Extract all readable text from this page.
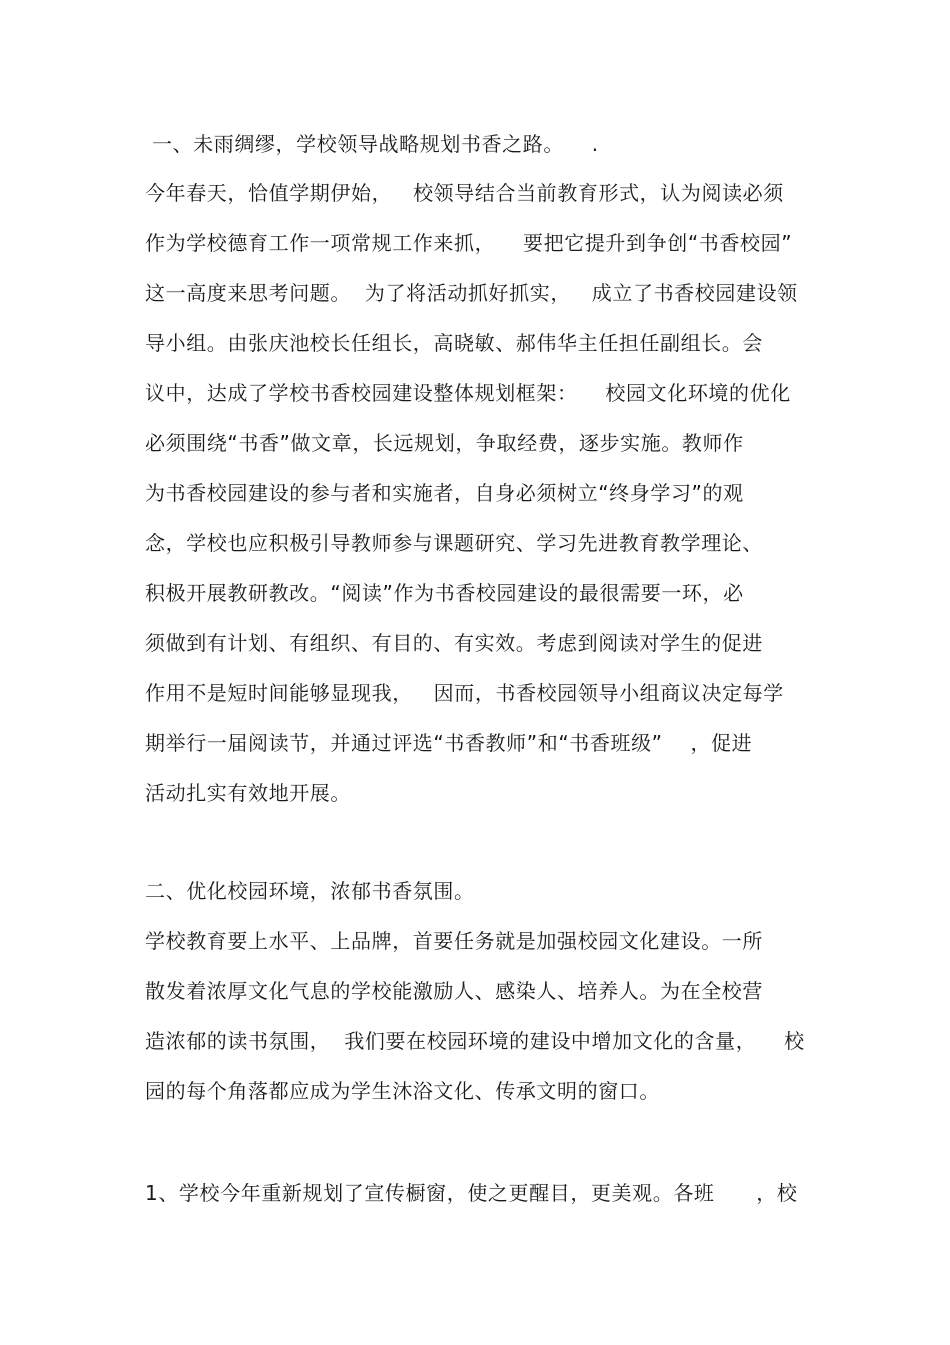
一、未雨绸缪，学校领导战略规划书香之路。    .
今年春天，恰值学期伊始，   校领导结合当前教育形式，认为阅读必须
作为学校德育工作一项常规工作来抓，    要把它提升到争创“书香校园”
这一高度来思考问题。  为了将活动抓好抓实，   成立了书香校园建设领
导小组。由张庆池校长任组长，高晓敏、郝伟华主任担任副组长。会
议中，达成了学校书香校园建设整体规划框架：    校园文化环境的优化
必须围绕“书香”做文章，长远规划，争取经费，逐步实施。教师作
为书香校园建设的参与者和实施者，自身必须树立“终身学习”的观
念，学校也应积极引导教师参与课题研究、学习先进教育教学理论、
积极开展教研教改。“阅读”作为书香校园建设的最很需要一环，必
须做到有计划、有组织、有目的、有实效。考虑到阅读对学生的促进
作用不是短时间能够显现我，   因而，书香校园领导小组商议决定每学
期举行一届阅读节，并通过评选“书香教师”和“书香班级”    ，促进
活动扎实有效地开展。
二、优化校园环境，浓郁书香氛围。
学校教育要上水平、上品牌，首要任务就是加强校园文化建设。一所
散发着浓厚文化气息的学校能激励人、感染人、培养人。为在全校营
造浓郁的读书氛围，  我们要在校园环境的建设中增加文化的含量，    校
园的每个角落都应成为学生沐浴文化、传承文明的窗口。
1、学校今年重新规划了宣传橱窗，使之更醒目，更美观。各班      ，校
